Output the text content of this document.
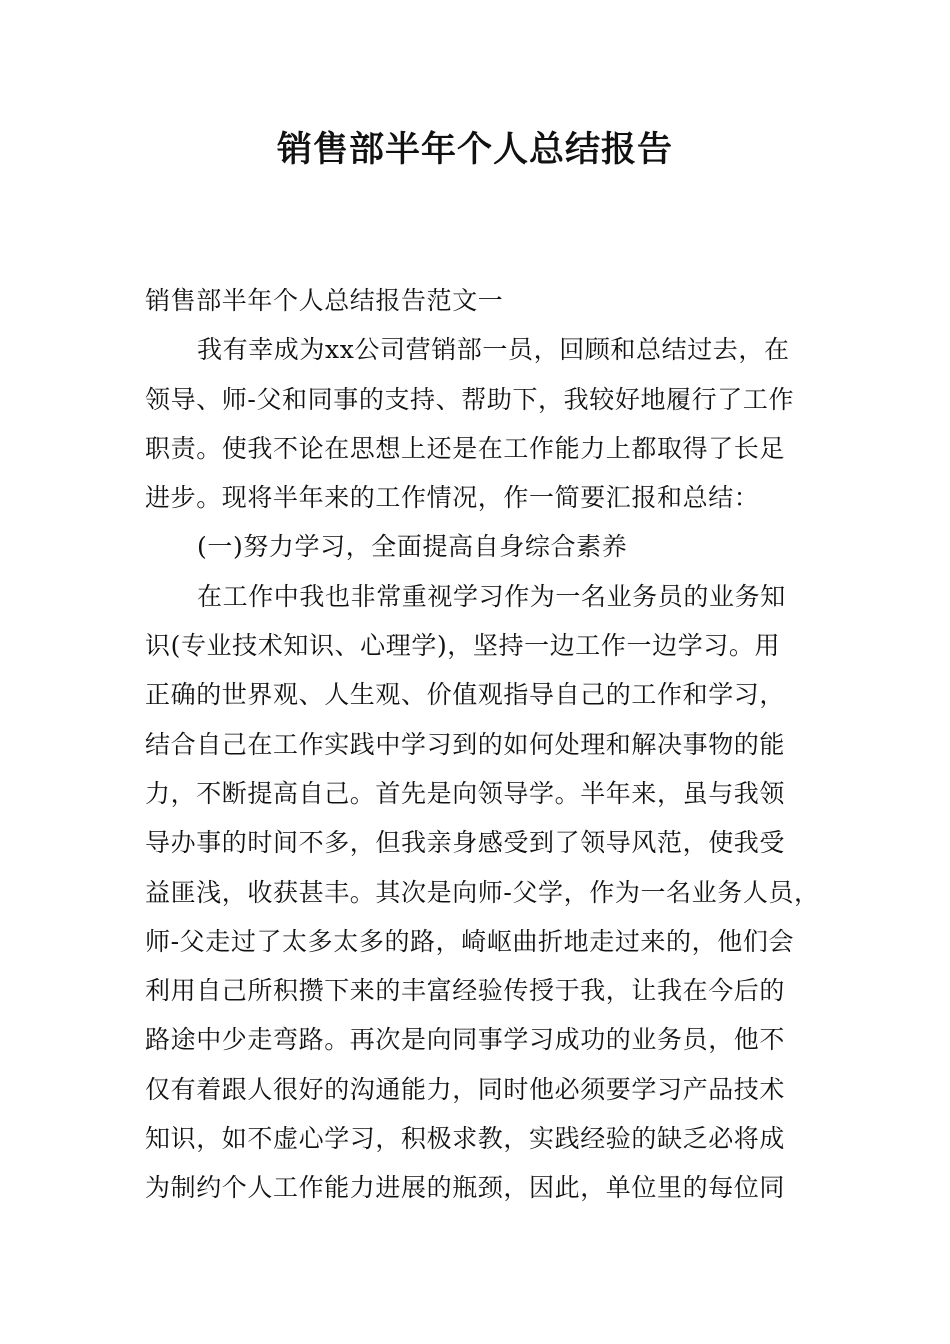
销售部半年个人总结报告
销售部半年个人总结报告范文一
我有幸成为xx公司营销部一员，回顾和总结过去，在
领导、师-父和同事的支持、帮助下，我较好地履行了工作
职责。使我不论在思想上还是在工作能力上都取得了长足
进步。现将半年来的工作情况，作一简要汇报和总结：
(一)努力学习，全面提高自身综合素养
在工作中我也非常重视学习作为一名业务员的业务知
识(专业技术知识、心理学)，坚持一边工作一边学习。用
正确的世界观、人生观、价值观指导自己的工作和学习，
结合自己在工作实践中学习到的如何处理和解决事物的能
力，不断提高自己。首先是向领导学。半年来，虽与我领
导办事的时间不多，但我亲身感受到了领导风范，使我受
益匪浅，收获甚丰。其次是向师-父学，作为一名业务人员，
师-父走过了太多太多的路，崎岖曲折地走过来的，他们会
利用自己所积攒下来的丰富经验传授于我，让我在今后的
路途中少走弯路。再次是向同事学习成功的业务员，他不
仅有着跟人很好的沟通能力，同时他必须要学习产品技术
知识，如不虚心学习，积极求教，实践经验的缺乏必将成
为制约个人工作能力进展的瓶颈，因此，单位里的每位同
